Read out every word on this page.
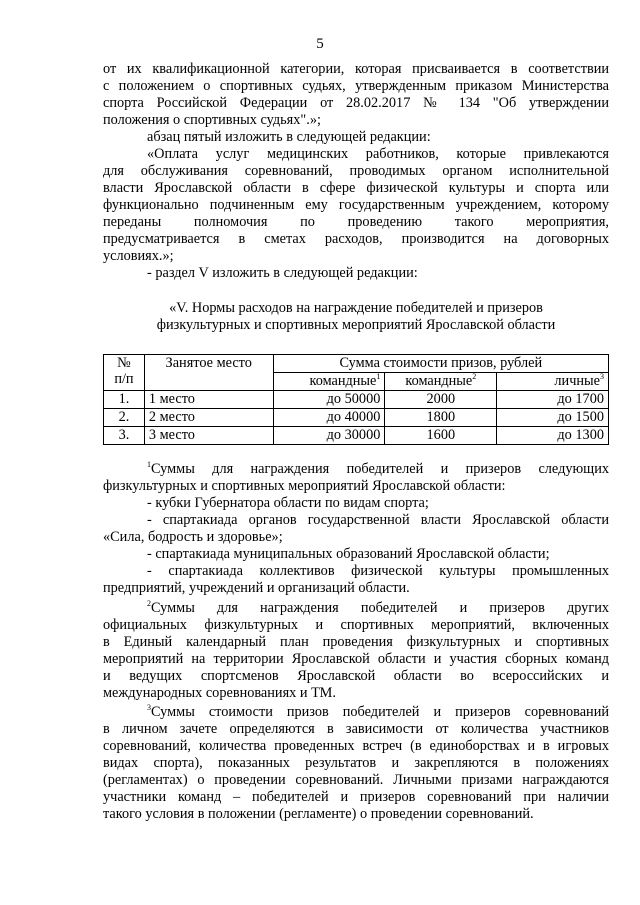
5
от их квалификационной категории, которая присваивается в соответствии
с положением о спортивных судьях, утвержденным приказом Министерства
спорта Российской Федерации от 28.02.2017 № 134 "Об утверждении
положения о спортивных судьях".»;
абзац пятый изложить в следующей редакции:
«Оплата услуг медицинских работников, которые привлекаются
для обслуживания соревнований, проводимых органом исполнительной
власти Ярославской области в сфере физической культуры и спорта или
функционально подчиненным ему государственным учреждением, которому
переданы полномочия по проведению такого мероприятия,
предусматривается в сметах расходов, производится на договорных
условиях.»;
- раздел V изложить в следующей редакции:
«V. Нормы расходов на награждение победителей и призеров
физкультурных и спортивных мероприятий Ярославской области
№
п/п	Занятое место	Сумма стоимости призов, рублей		
		командные$^1$	командные$^2$	личные$^3$
1.	1 место	до 50000	2000	до 1700
2.	2 место	до 40000	1800	до 1500
3.	3 место	до 30000	1600	до 1300
$^1$Суммы для награждения победителей и призеров следующих
физкультурных и спортивных мероприятий Ярославской области:
- кубки Губернатора области по видам спорта;
- спартакиада органов государственной власти Ярославской области
«Сила, бодрость и здоровье»;
- спартакиада муниципальных образований Ярославской области;
- спартакиада коллективов физической культуры промышленных
предприятий, учреждений и организаций области.
$^2$Суммы для награждения победителей и призеров других
официальных физкультурных и спортивных мероприятий, включенных
в Единый календарный план проведения физкультурных и спортивных
мероприятий на территории Ярославской области и участия сборных команд
и ведущих спортсменов Ярославской области во всероссийских и
международных соревнованиях и ТМ.
$^3$Суммы стоимости призов победителей и призеров соревнований
в личном зачете определяются в зависимости от количества участников
соревнований, количества проведенных встреч (в единоборствах и в игровых
видах спорта), показанных результатов и закрепляются в положениях
(регламентах) о проведении соревнований. Личными призами награждаются
участники команд – победителей и призеров соревнований при наличии
такого условия в положении (регламенте) о проведении соревнований.
